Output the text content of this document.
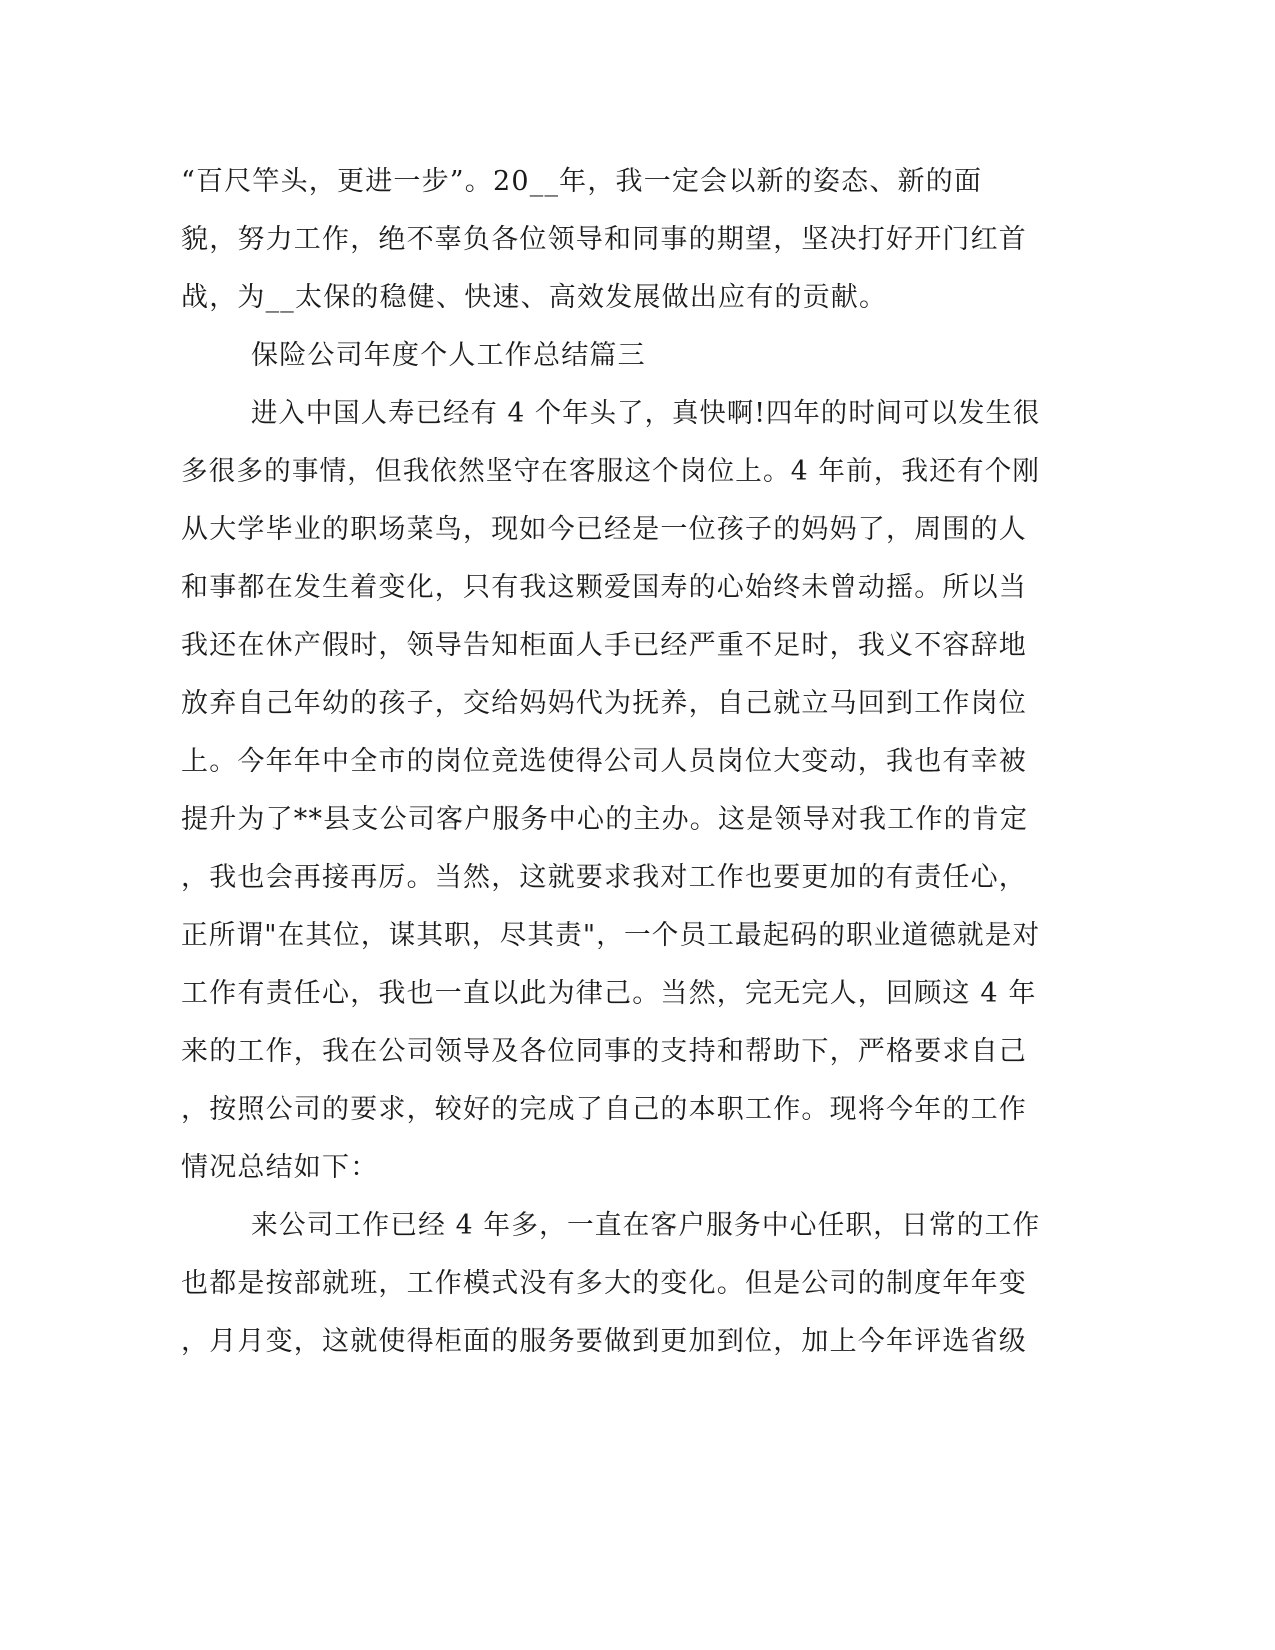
“百尺竿头，更进一步”。20__年，我一定会以新的姿态、新的面
貌，努力工作，绝不辜负各位领导和同事的期望，坚决打好开门红首
战，为__太保的稳健、快速、高效发展做出应有的贡献。
保险公司年度个人工作总结篇三
进入中国人寿已经有 4 个年头了，真快啊!四年的时间可以发生很
多很多的事情，但我依然坚守在客服这个岗位上。4 年前，我还有个刚
从大学毕业的职场菜鸟，现如今已经是一位孩子的妈妈了，周围的人
和事都在发生着变化，只有我这颗爱国寿的心始终未曾动摇。所以当
我还在休产假时，领导告知柜面人手已经严重不足时，我义不容辞地
放弃自己年幼的孩子，交给妈妈代为抚养，自己就立马回到工作岗位
上。今年年中全市的岗位竞选使得公司人员岗位大变动，我也有幸被
提升为了**县支公司客户服务中心的主办。这是领导对我工作的肯定
，我也会再接再厉。当然，这就要求我对工作也要更加的有责任心，
正所谓"在其位，谋其职，尽其责"，一个员工最起码的职业道德就是对
工作有责任心，我也一直以此为律己。当然，完无完人，回顾这 4 年
来的工作，我在公司领导及各位同事的支持和帮助下，严格要求自己
，按照公司的要求，较好的完成了自己的本职工作。现将今年的工作
情况总结如下：
来公司工作已经 4 年多，一直在客户服务中心任职，日常的工作
也都是按部就班，工作模式没有多大的变化。但是公司的制度年年变
，月月变，这就使得柜面的服务要做到更加到位，加上今年评选省级
